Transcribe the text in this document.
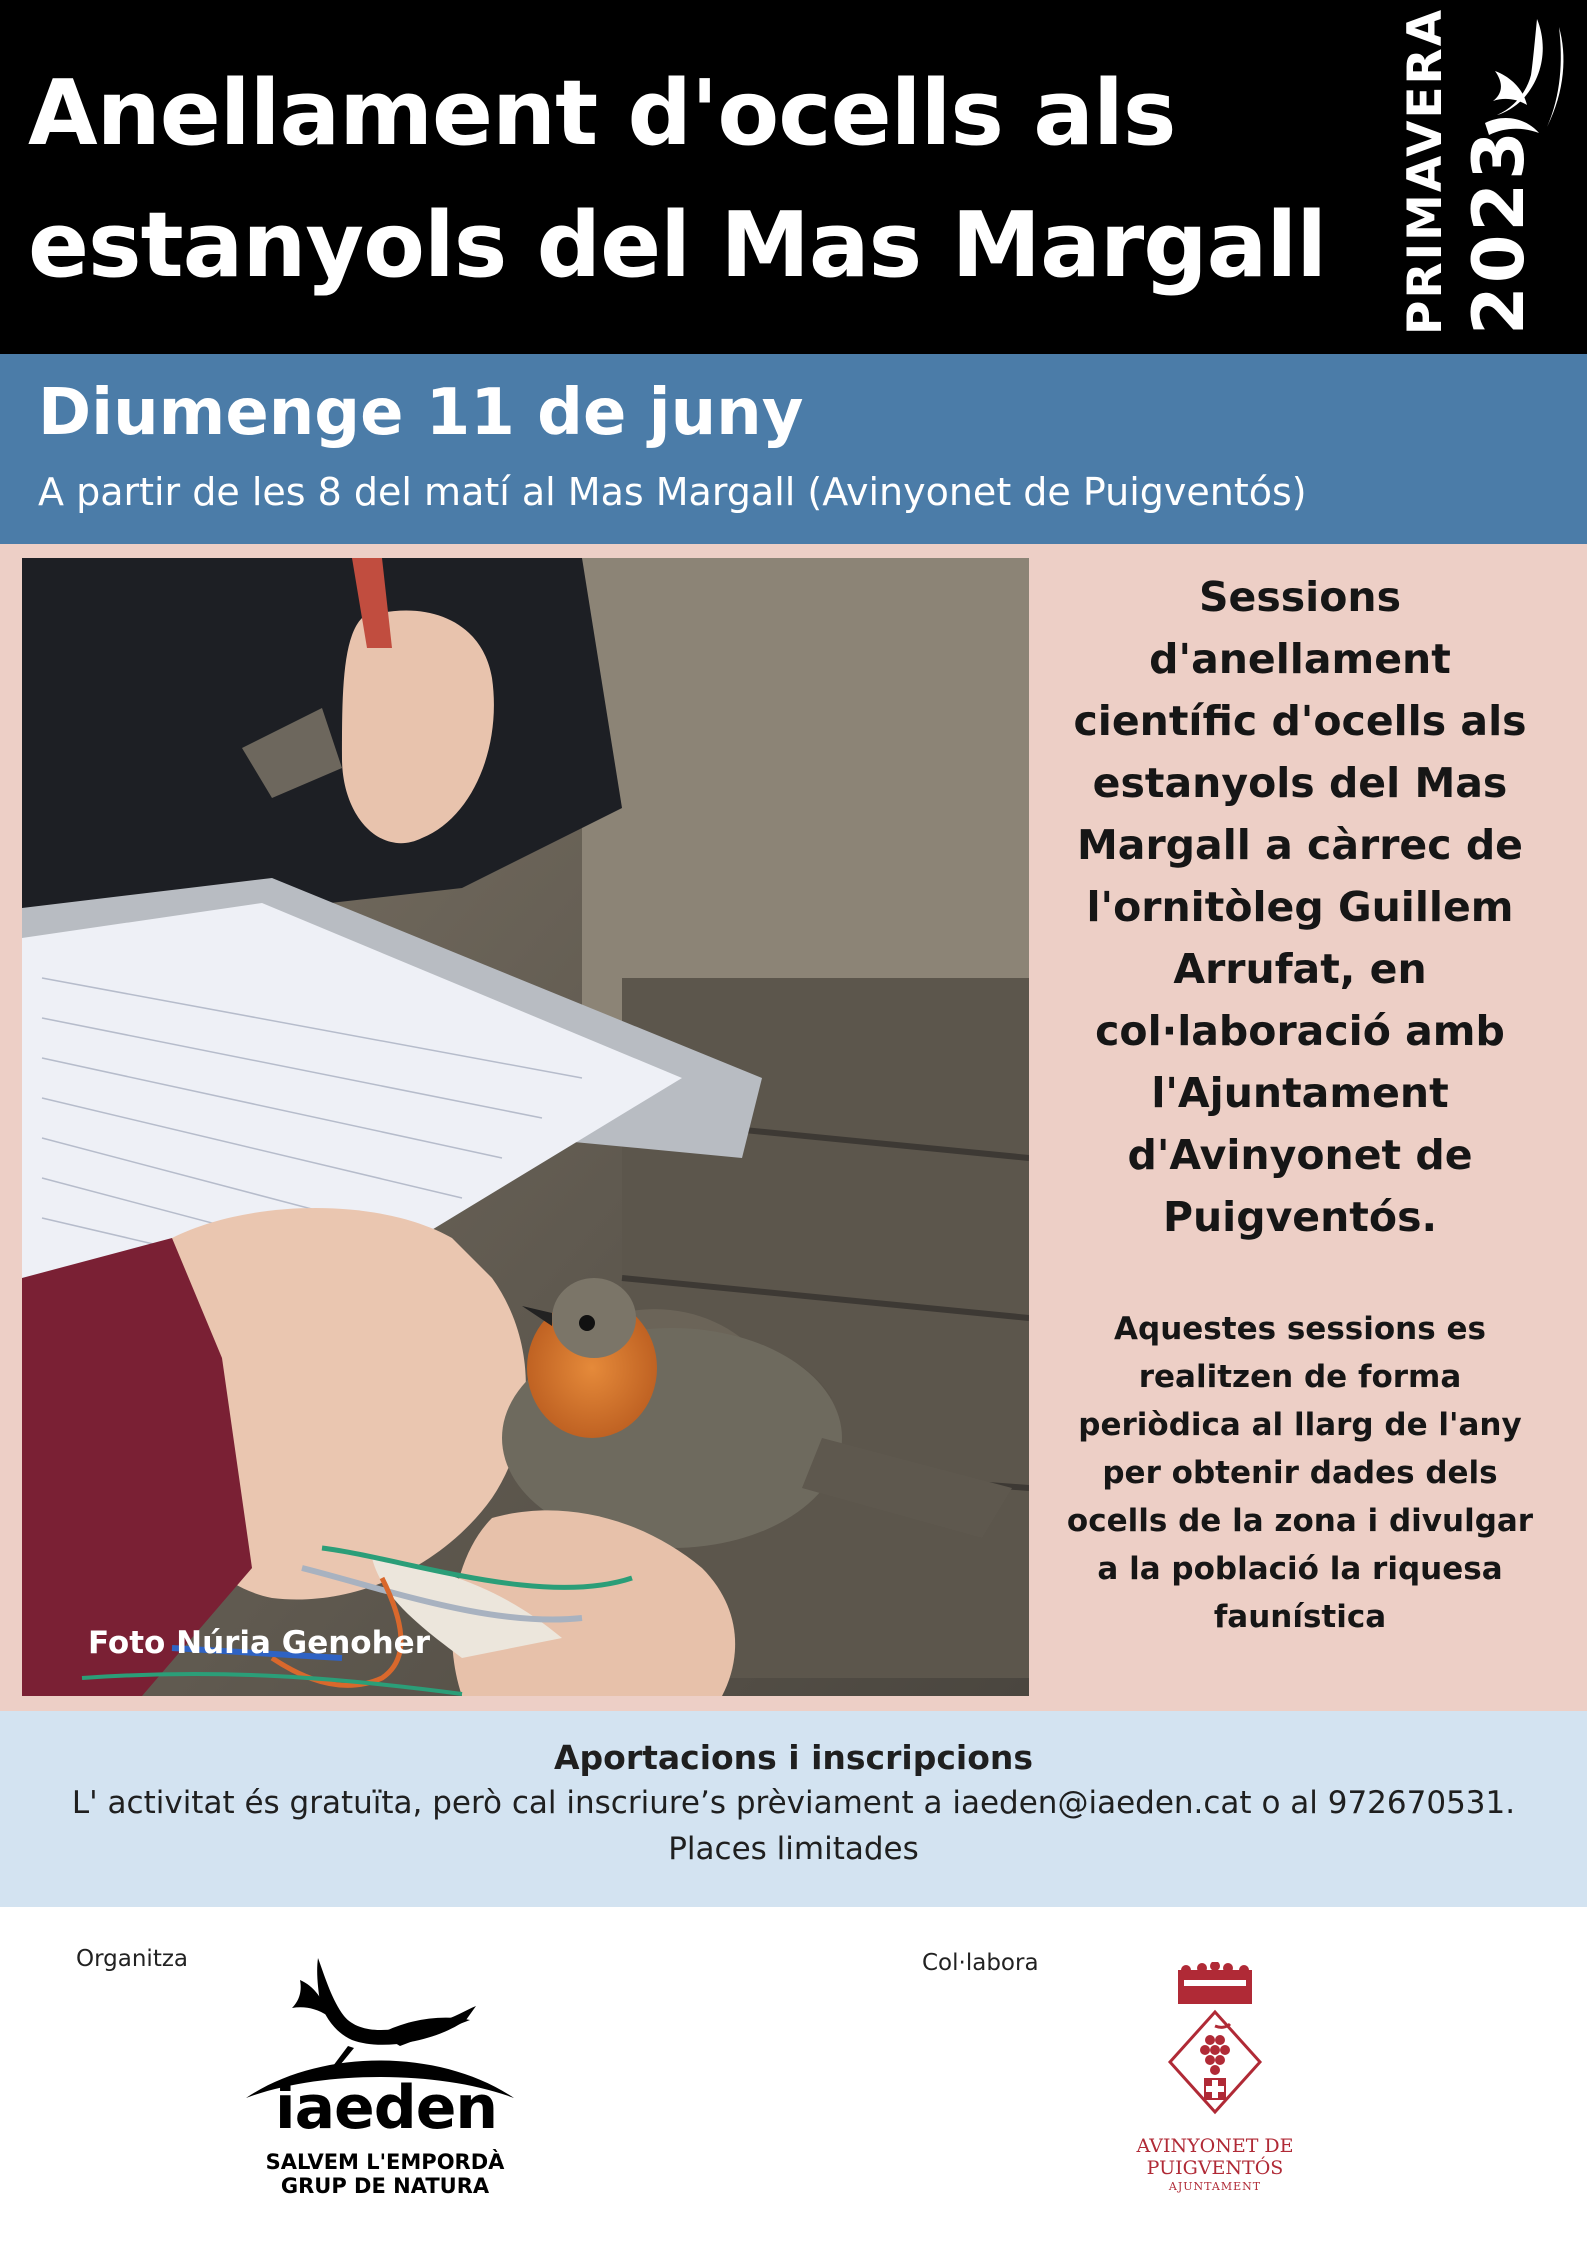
Anellament d'ocells als
estanyols del Mas Margall	PRIMAVERA 2023
Diumenge 11 de juny

A partir de les 8 del matí al Mas Margall (Avinyonet de Puigventós)

Foto Núria Genoher

Sessions d'anellament científic d'ocells als estanyols del Mas Margall a càrrec de l'ornitòleg Guillem Arrufat, en col·laboració amb l'Ajuntament d'Avinyonet de Puigventós.

Aquestes sessions es realitzen de forma periòdica al llarg de l'any per obtenir dades dels ocells de la zona i divulgar a la població la riquesa faunística

Aportacions i inscripcions

L' activitat és gratuïta, però cal inscriure’s prèviament a iaeden@iaeden.cat o al 972670531.

Places limitades

Organitza	Col·labora
iaeden
SALVEM L'EMPORDÀ
GRUP DE NATURA
AVINYONET DE
PUIGVENTÓS
AJUNTAMENT
